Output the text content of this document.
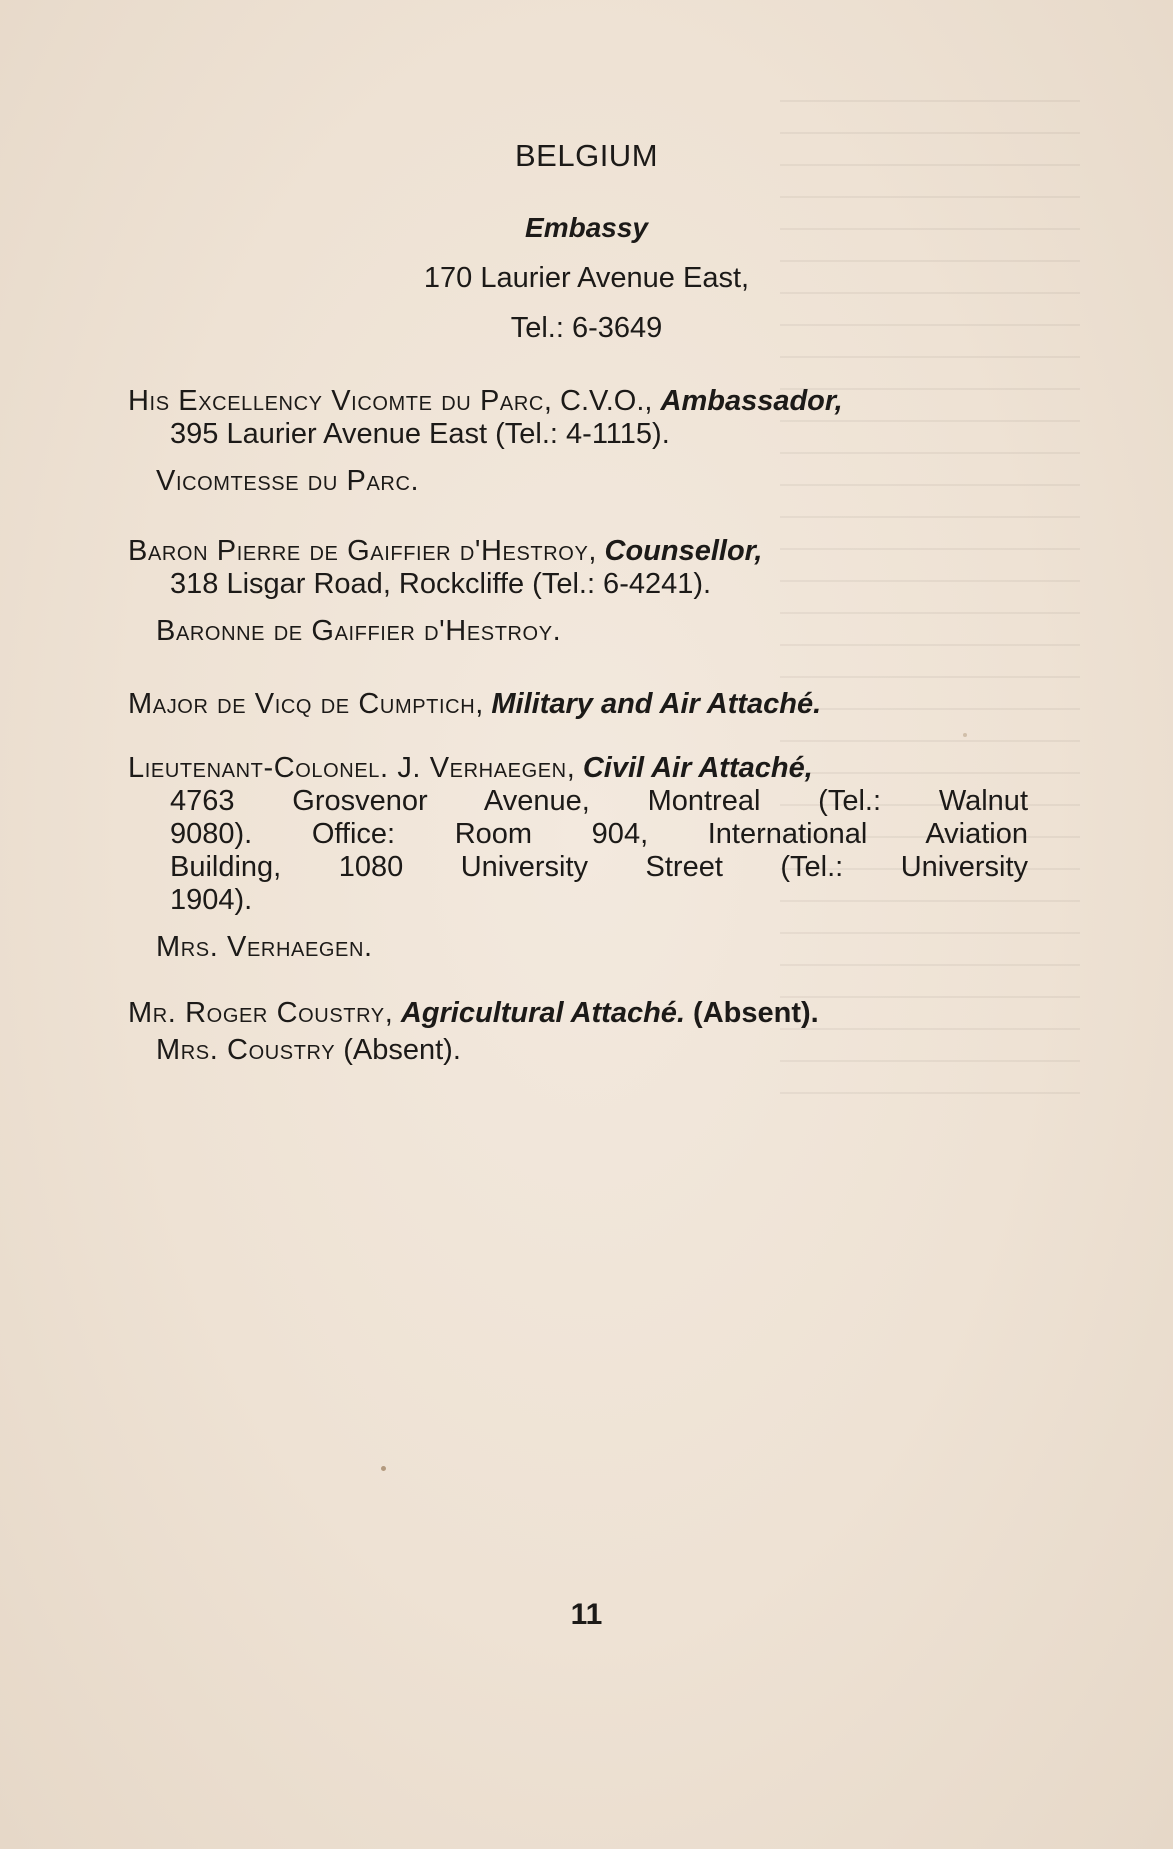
BELGIUM
Embassy
170 Laurier Avenue East,
Tel.: 6-3649
His Excellency Vicomte du Parc, C.V.O., Ambassador,
395 Laurier Avenue East (Tel.: 4-1115).
Vicomtesse du Parc.
Baron Pierre de Gaiffier d'Hestroy, Counsellor,
318 Lisgar Road, Rockcliffe (Tel.: 6-4241).
Baronne de Gaiffier d'Hestroy.
Major de Vicq de Cumptich, Military and Air Attaché.
Lieutenant-Colonel. J. Verhaegen, Civil Air Attaché,
4763 Grosvenor Avenue, Montreal (Tel.: Walnut
9080). Office: Room 904, International Aviation
Building, 1080 University Street (Tel.: University
1904).
Mrs. Verhaegen.
Mr. Roger Coustry, Agricultural Attaché. (Absent).
Mrs. Coustry (Absent).
11
